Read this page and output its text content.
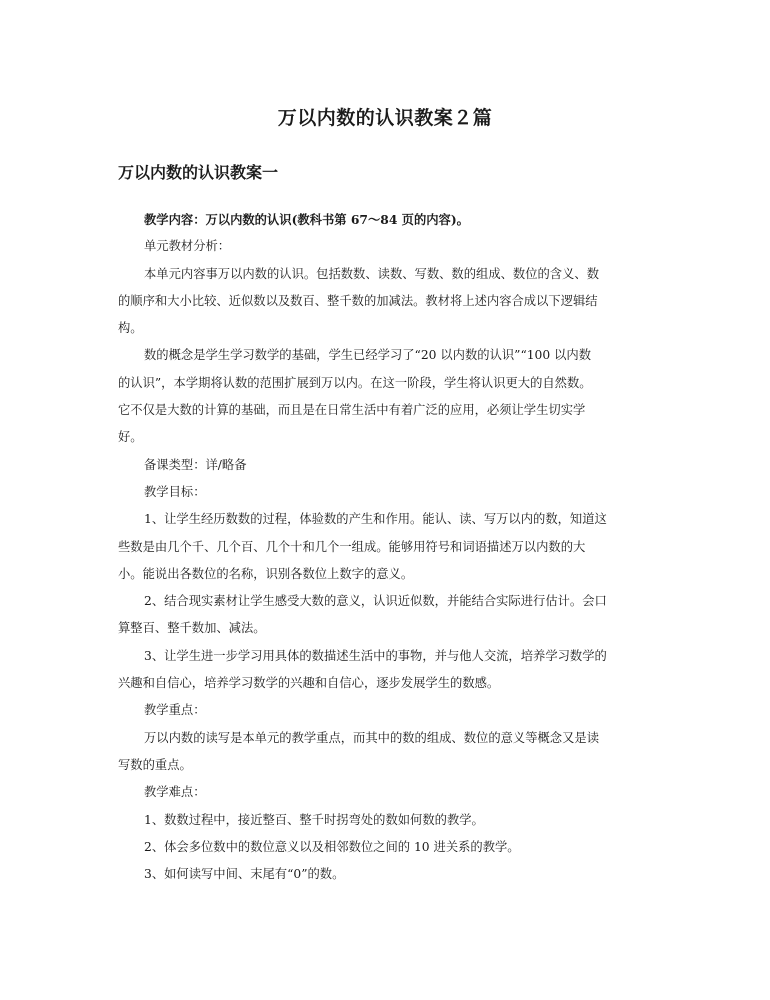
万以内数的认识教案２篇
万以内数的认识教案一
教学内容：万以内数的认识(教科书第 67～84 页的内容)。
单元教材分析：
本单元内容事万以内数的认识。包括数数、读数、写数、数的组成、数位的含义、数
的顺序和大小比较、近似数以及数百、整千数的加减法。教材将上述内容合成以下逻辑结
构。
数的概念是学生学习数学的基础，学生已经学习了“20 以内数的认识”“100 以内数
的认识”，本学期将认数的范围扩展到万以内。在这一阶段，学生将认识更大的自然数。
它不仅是大数的计算的基础，而且是在日常生活中有着广泛的应用，必须让学生切实学
好。
备课类型：详/略备
教学目标：
1、让学生经历数数的过程，体验数的产生和作用。能认、读、写万以内的数，知道这
些数是由几个千、几个百、几个十和几个一组成。能够用符号和词语描述万以内数的大
小。能说出各数位的名称，识别各数位上数字的意义。
2、结合现实素材让学生感受大数的意义，认识近似数，并能结合实际进行估计。会口
算整百、整千数加、减法。
3、让学生进一步学习用具体的数描述生活中的事物，并与他人交流，培养学习数学的
兴趣和自信心，培养学习数学的兴趣和自信心，逐步发展学生的数感。
教学重点：
万以内数的读写是本单元的教学重点，而其中的数的组成、数位的意义等概念又是读
写数的重点。
教学难点：
1、数数过程中，接近整百、整千时拐弯处的数如何数的教学。
2、体会多位数中的数位意义以及相邻数位之间的 10 进关系的教学。
3、如何读写中间、末尾有“0”的数。
